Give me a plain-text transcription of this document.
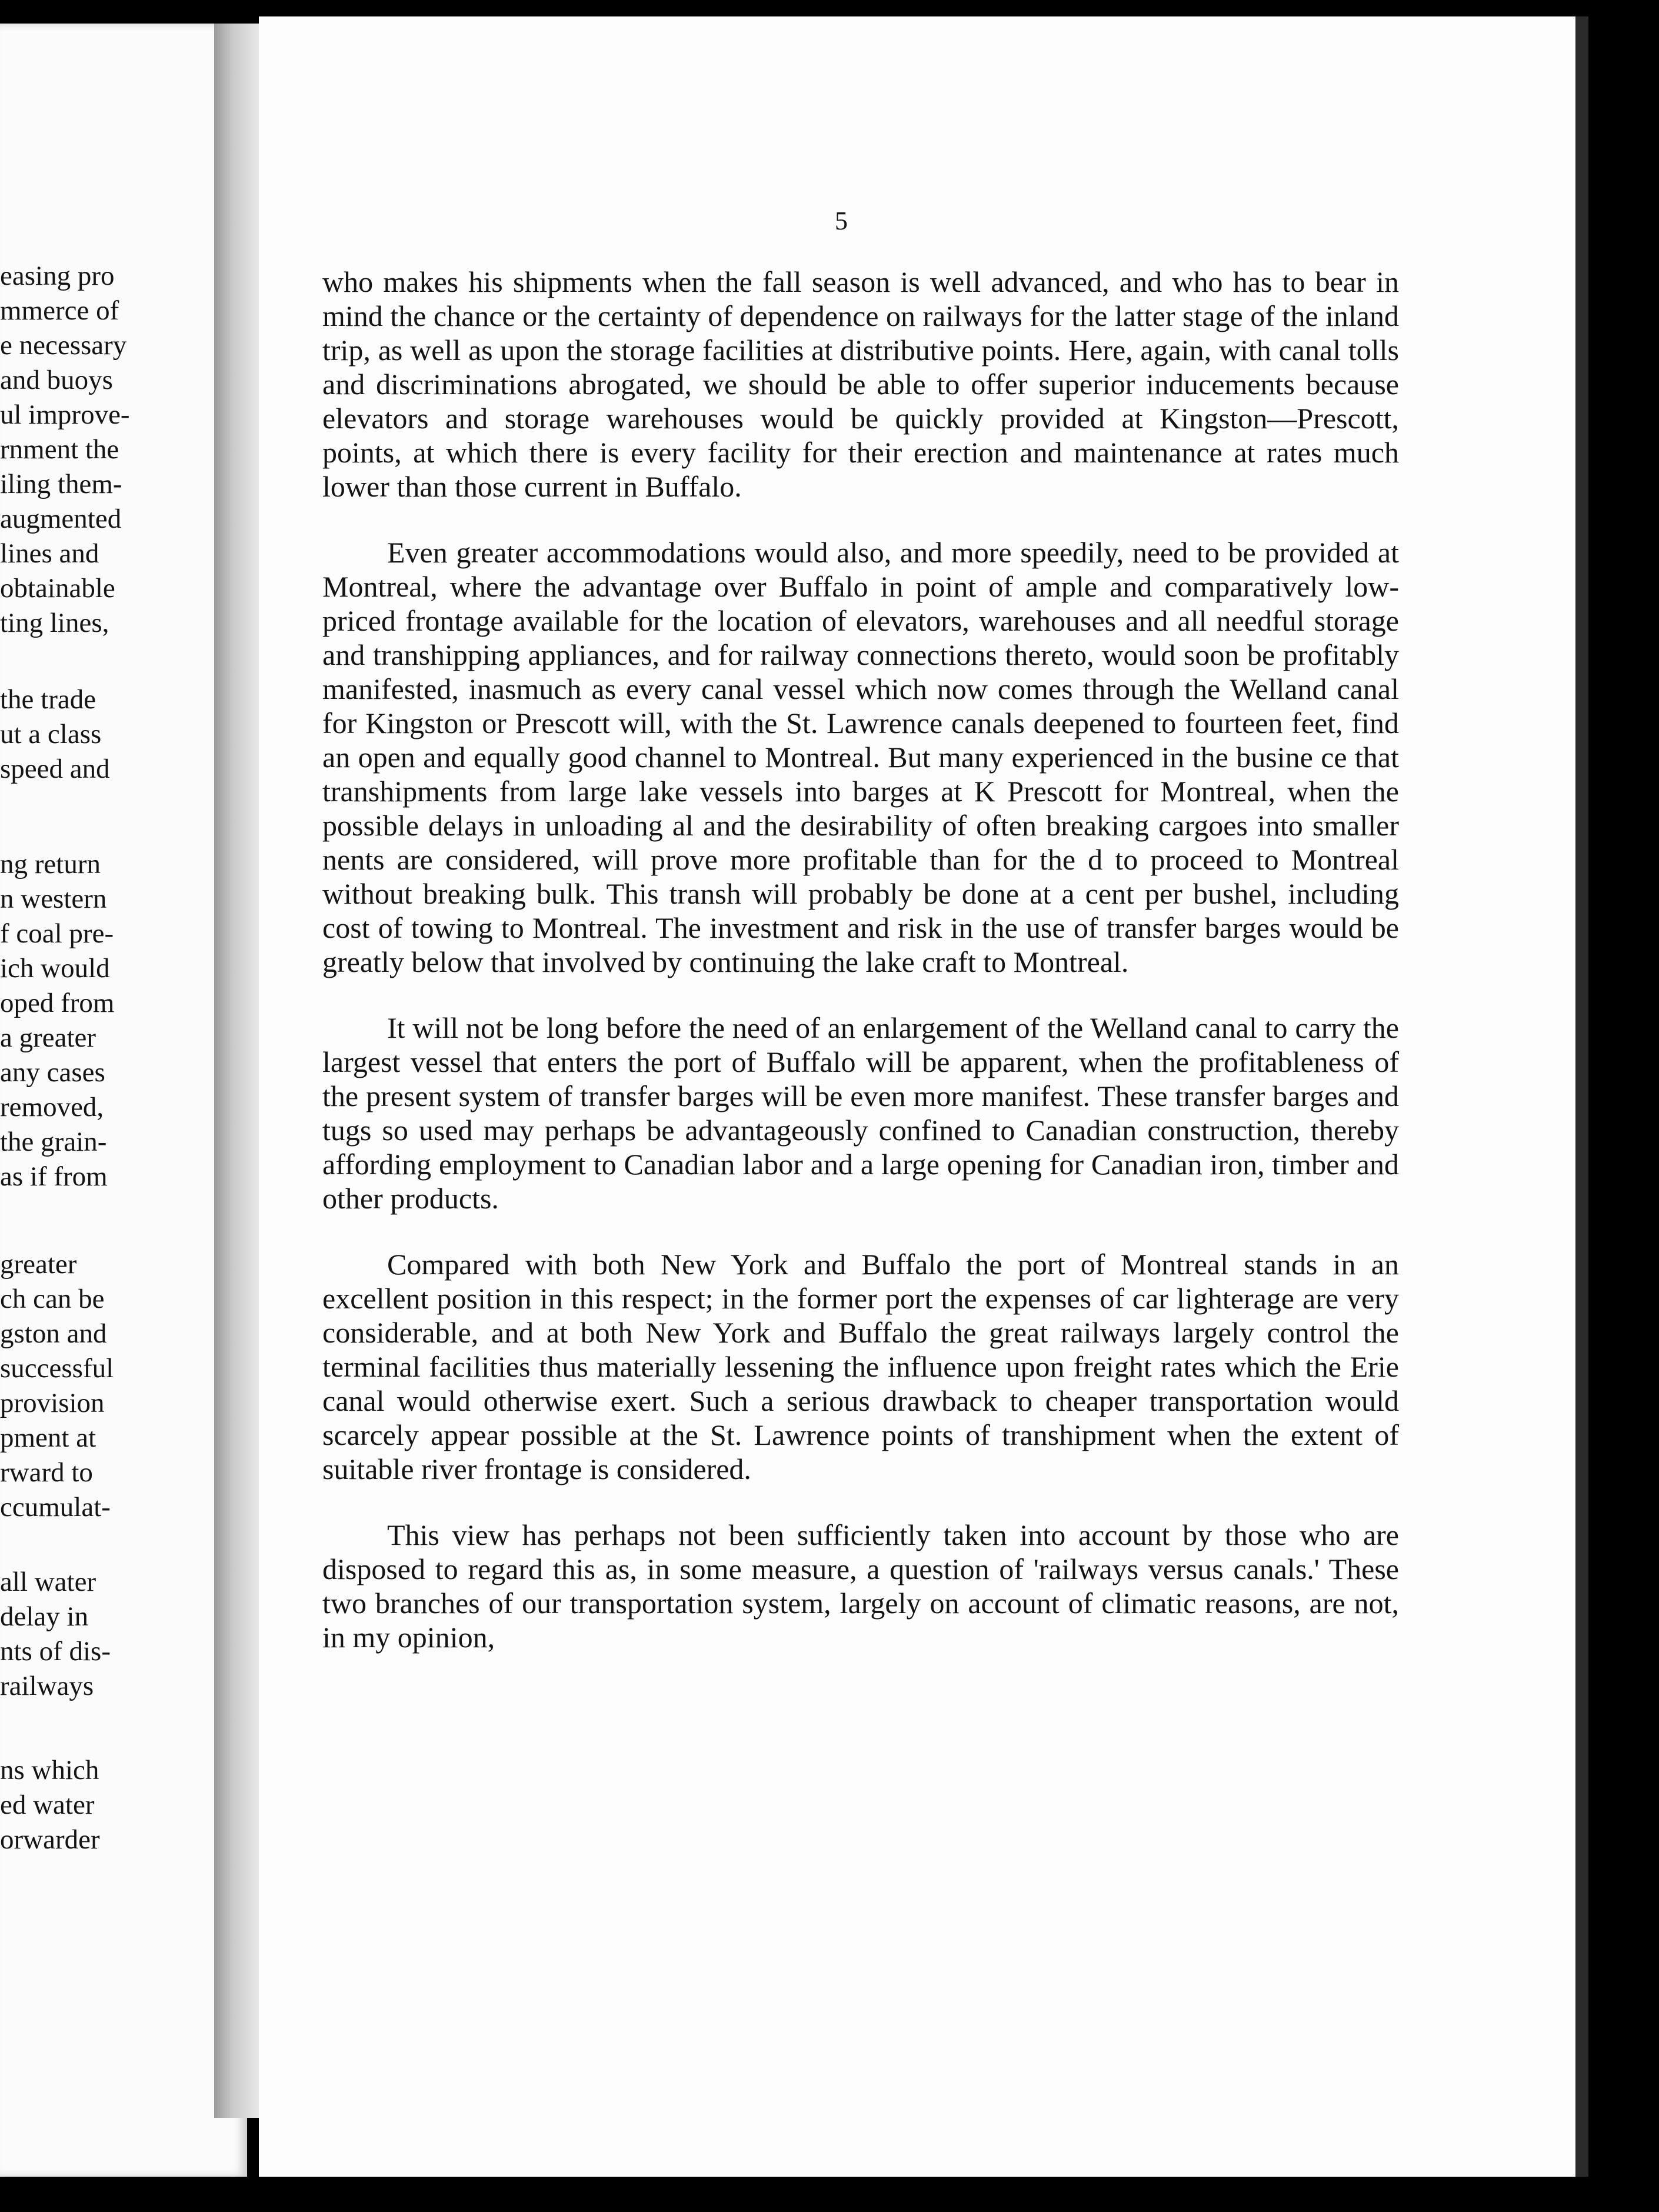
easing pro
mmerce of
e necessary
and buoys
ul improve-
rnment the
iling them-
augmented
lines and
obtainable
ting lines,
the trade
ut a class
speed and
ng return
n western
f coal pre-
ich would
oped from
a greater
any cases
removed,
the grain-
as if from
greater
ch can be
gston and
successful
provision
pment at
rward to
ccumulat-
all water
delay in
nts of dis-
railways
ns which
ed water
orwarder
5

who makes his shipments when the fall season is well advanced, and who has to bear in mind the chance or the certainty of dependence on railways for the latter stage of the inland trip, as well as upon the storage facilities at distributive points. Here, again, with canal tolls and discriminations abrogated, we should be able to offer superior inducements because elevators and storage warehouses would be quickly provided at Kingston—Prescott, points, at which there is every facility for their erection and maintenance at rates much lower than those current in Buffalo.

Even greater accommodations would also, and more speedily, need to be provided at Montreal, where the advantage over Buffalo in point of ample and comparatively low-priced frontage available for the location of elevators, warehouses and all needful storage and transhipping appliances, and for railway connections thereto, would soon be profitably manifested, inasmuch as every canal vessel which now comes through the Welland canal for Kingston or Prescott will, with the St. Lawrence canals deepened to fourteen feet, find an open and equally good channel to Montreal. But many experienced in the busine ce that transhipments from large lake vessels into barges at K Prescott for Montreal, when the possible delays in unloading al and the desirability of often breaking cargoes into smaller nents are considered, will prove more profitable than for the d to proceed to Montreal without breaking bulk. This transh will probably be done at a cent per bushel, including cost of towing to Montreal. The investment and risk in the use of transfer barges would be greatly below that involved by continuing the lake craft to Montreal.

It will not be long before the need of an enlargement of the Welland canal to carry the largest vessel that enters the port of Buffalo will be apparent, when the profitableness of the present system of transfer barges will be even more manifest. These transfer barges and tugs so used may perhaps be advantageously confined to Canadian construction, thereby affording employment to Canadian labor and a large opening for Canadian iron, timber and other products.

Compared with both New York and Buffalo the port of Montreal stands in an excellent position in this respect; in the former port the expenses of car lighterage are very considerable, and at both New York and Buffalo the great railways largely control the terminal facilities thus materially lessening the influence upon freight rates which the Erie canal would otherwise exert. Such a serious drawback to cheaper transportation would scarcely appear possible at the St. Lawrence points of transhipment when the extent of suitable river frontage is considered.

This view has perhaps not been sufficiently taken into account by those who are disposed to regard this as, in some measure, a question of 'railways versus canals.' These two branches of our transportation system, largely on account of climatic reasons, are not, in my opinion,
